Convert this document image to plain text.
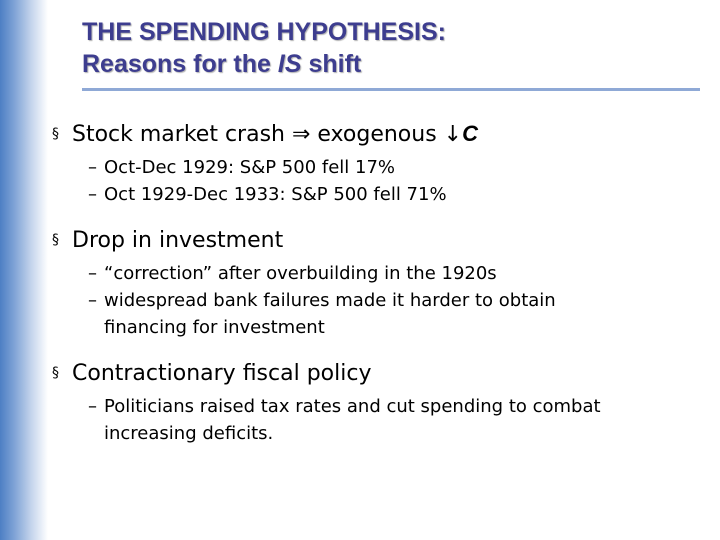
THE SPENDING HYPOTHESIS:
Reasons for the IS shift
§ Stock market crash ⇒ exogenous ↓C
– Oct-Dec 1929: S&P 500 fell 17%
– Oct 1929-Dec 1933: S&P 500 fell 71%
§ Drop in investment
– “correction” after overbuilding in the 1920s
– widespread bank failures made it harder to obtain financing for investment
§ Contractionary fiscal policy
– Politicians raised tax rates and cut spending to combat increasing deficits.
